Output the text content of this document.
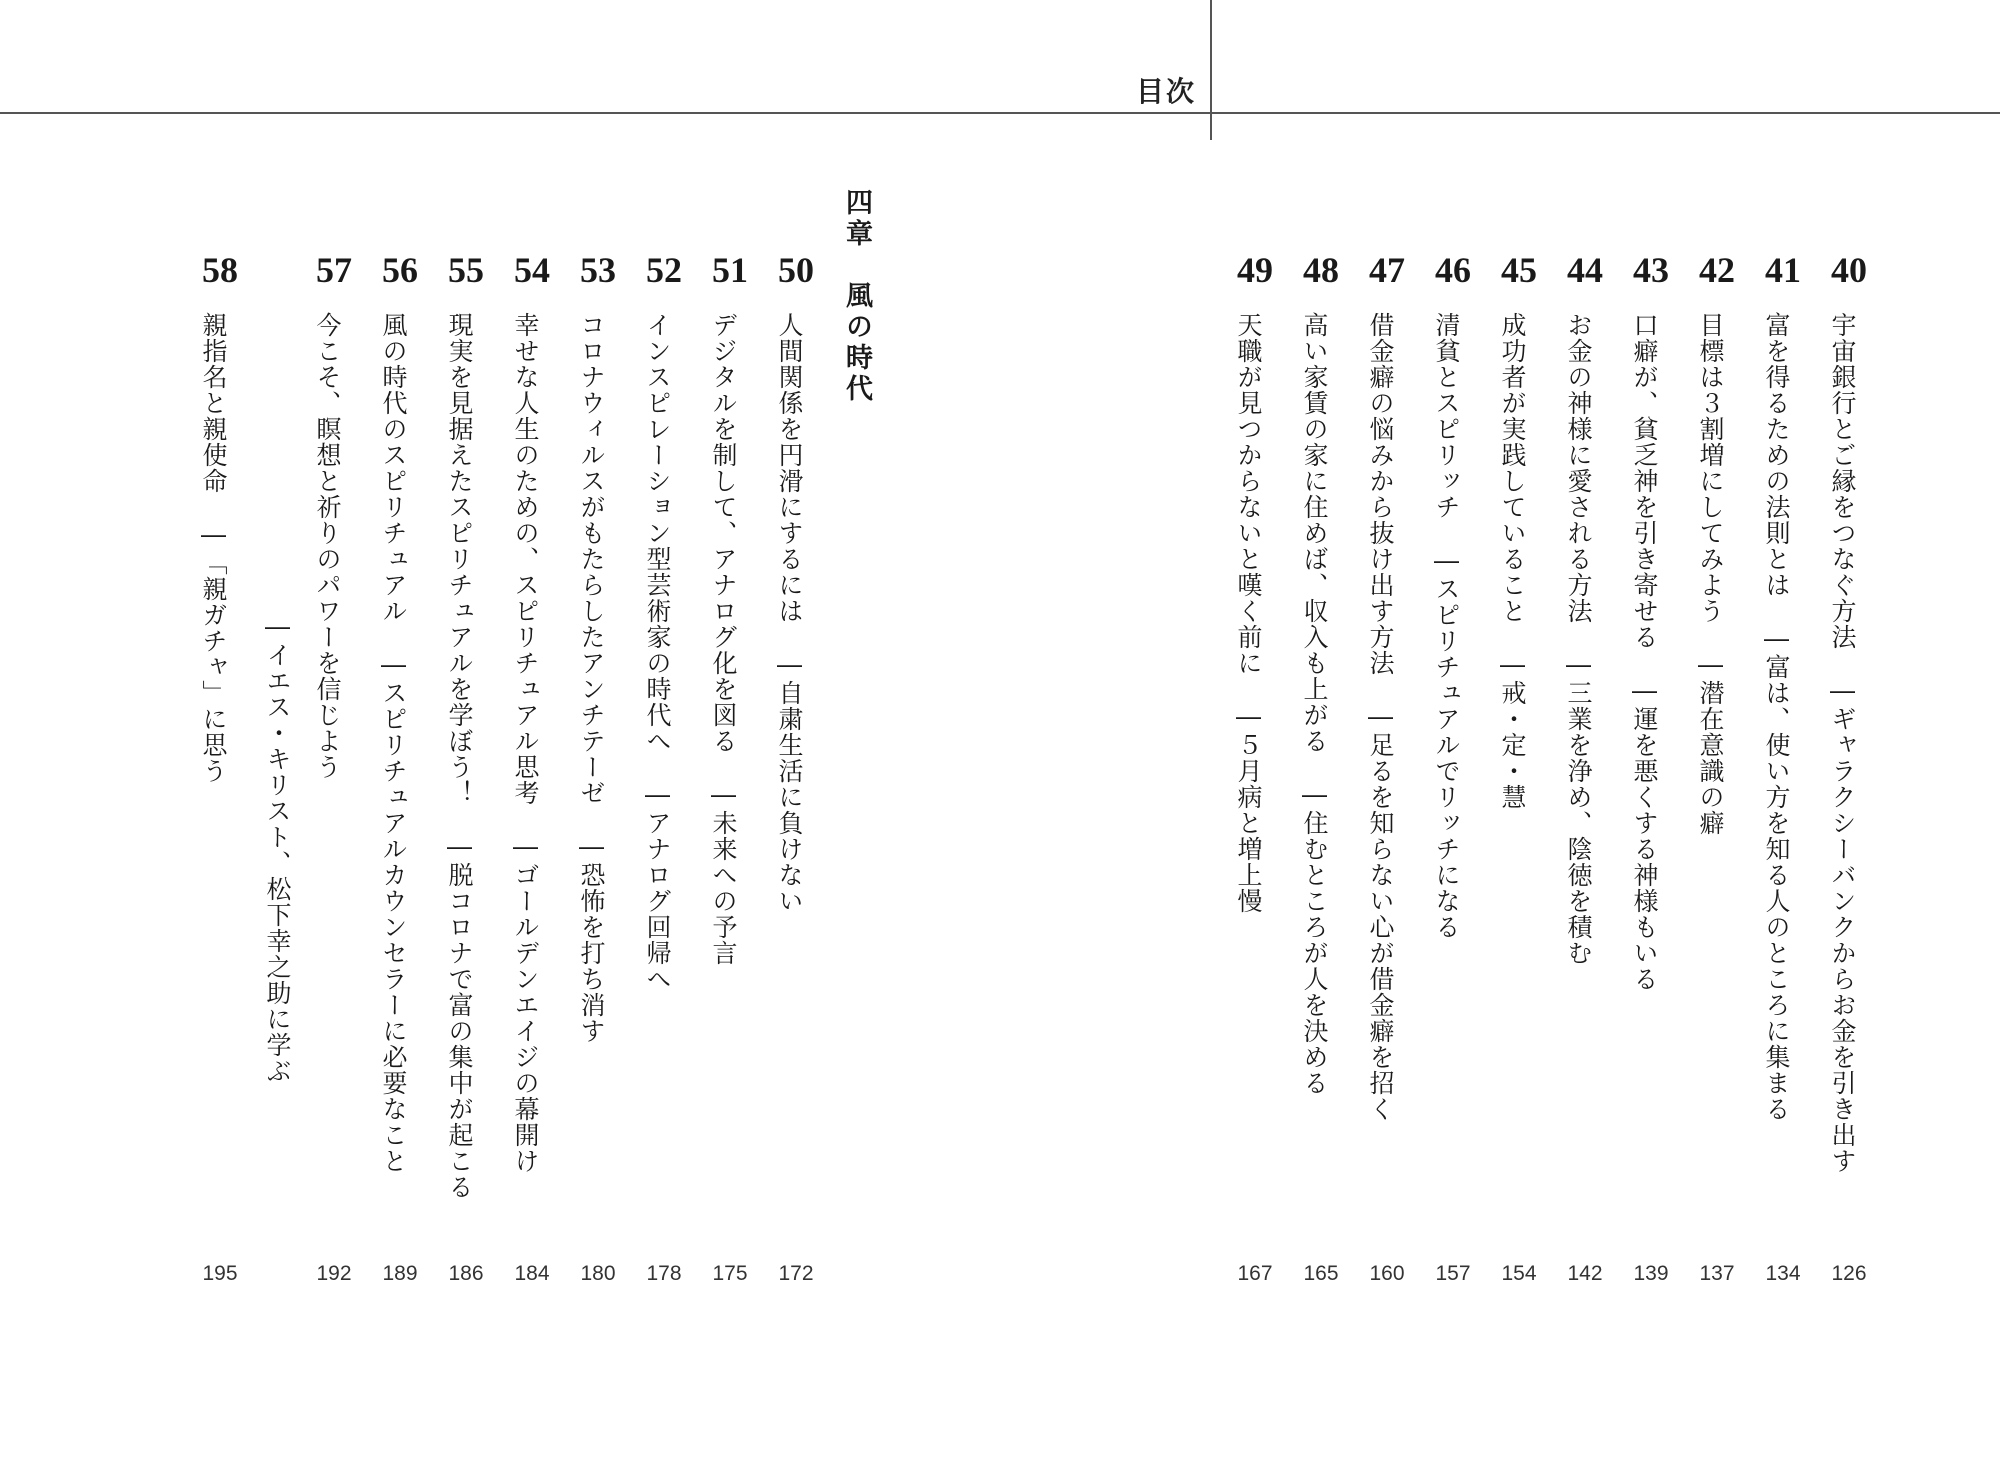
目次
40
宇宙銀行とご縁をつなぐ方法　―ギャラクシーバンクからお金を引き出す
126
41
富を得るための法則とは　―富は、使い方を知る人のところに集まる
134
42
目標は３割増にしてみよう　―潜在意識の癖
137
43
口癖が、貧乏神を引き寄せる　―運を悪くする神様もいる
139
44
お金の神様に愛される方法　―三業を浄め、陰徳を積む
142
45
成功者が実践していること　―戒・定・慧
154
46
清貧とスピリッチ　―スピリチュアルでリッチになる
157
47
借金癖の悩みから抜け出す方法　―足るを知らない心が借金癖を招く
160
48
高い家賃の家に住めば、収入も上がる　―住むところが人を決める
165
49
天職が見つからないと嘆く前に　―５月病と増上慢
167
四章　風の時代
50
人間関係を円滑にするには　―自粛生活に負けない
172
51
デジタルを制して、アナログ化を図る　―未来への予言
175
52
インスピレーション型芸術家の時代へ　―アナログ回帰へ
178
53
コロナウィルスがもたらしたアンチテーゼ　―恐怖を打ち消す
180
54
幸せな人生のための、スピリチュアル思考　―ゴールデンエイジの幕開け
184
55
現実を見据えたスピリチュアルを学ぼう！　―脱コロナで富の集中が起こる
186
56
風の時代のスピリチュアル　―スピリチュアルカウンセラーに必要なこと
189
57
今こそ、瞑想と祈りのパワーを信じよう
―イエス・キリスト、松下幸之助に学ぶ
192
58
親指名と親使命　―「親ガチャ」に思う
195
